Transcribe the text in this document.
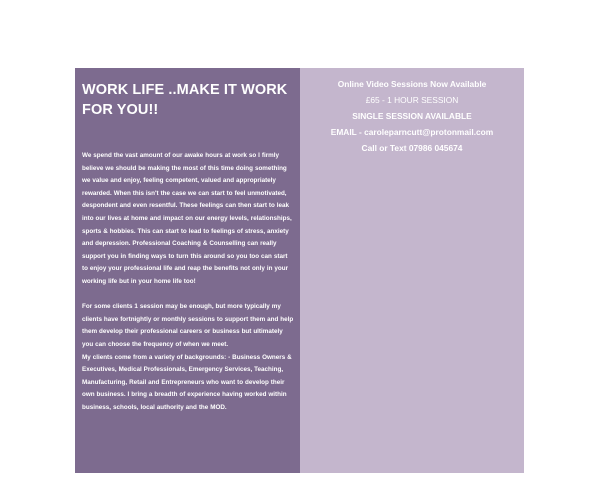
WORK LIFE ..MAKE IT WORK FOR YOU!!

We spend the vast amount of our awake hours at work so I firmly believe we should be making the most of this time doing something we value and enjoy, feeling competent, valued and appropriately rewarded. When this isn't the case we can start to feel unmotivated, despondent and even resentful. These feelings can then start to leak into our lives at home and impact on our energy levels, relationships, sports & hobbies. This can start to lead to feelings of stress, anxiety and depression. Professional Coaching & Counselling can really support you in finding ways to turn this around so you too can start to enjoy your professional life and reap the benefits not only in your working life but in your home life too!

For some clients 1 session may be enough, but more typically my clients have fortnightly or monthly sessions to support them and help them develop their professional careers or business but ultimately you can choose the frequency of when we meet.

My clients come from a variety of backgrounds: - Business Owners & Executives, Medical Professionals, Emergency Services, Teaching, Manufacturing, Retail and Entrepreneurs who want to develop their own business. I bring a breadth of experience having worked within business, schools, local authority and the MOD.

Online Video Sessions Now Available

£65 - 1 HOUR SESSION

SINGLE SESSION AVAILABLE

EMAIL - caroleparncutt@protonmail.com

Call or Text 07986 045674
